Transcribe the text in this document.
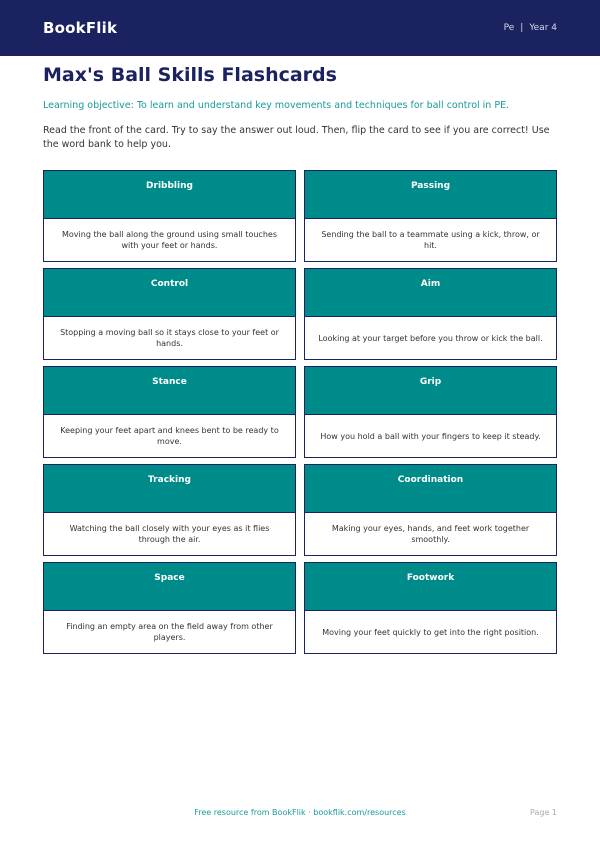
BookFlik	Pe | Year 4
Max's Ball Skills Flashcards
Learning objective: To learn and understand key movements and techniques for ball control in PE.
Read the front of the card. Try to say the answer out loud. Then, flip the card to see if you are correct! Use the word bank to help you.
Dribbling
Moving the ball along the ground using small touches with your feet or hands.
Passing
Sending the ball to a teammate using a kick, throw, or hit.
Control
Stopping a moving ball so it stays close to your feet or hands.
Aim
Looking at your target before you throw or kick the ball.
Stance
Keeping your feet apart and knees bent to be ready to move.
Grip
How you hold a ball with your fingers to keep it steady.
Tracking
Watching the ball closely with your eyes as it flies through the air.
Coordination
Making your eyes, hands, and feet work together smoothly.
Space
Finding an empty area on the field away from other players.
Footwork
Moving your feet quickly to get into the right position.
Free resource from BookFlik · bookflik.com/resources	Page 1
